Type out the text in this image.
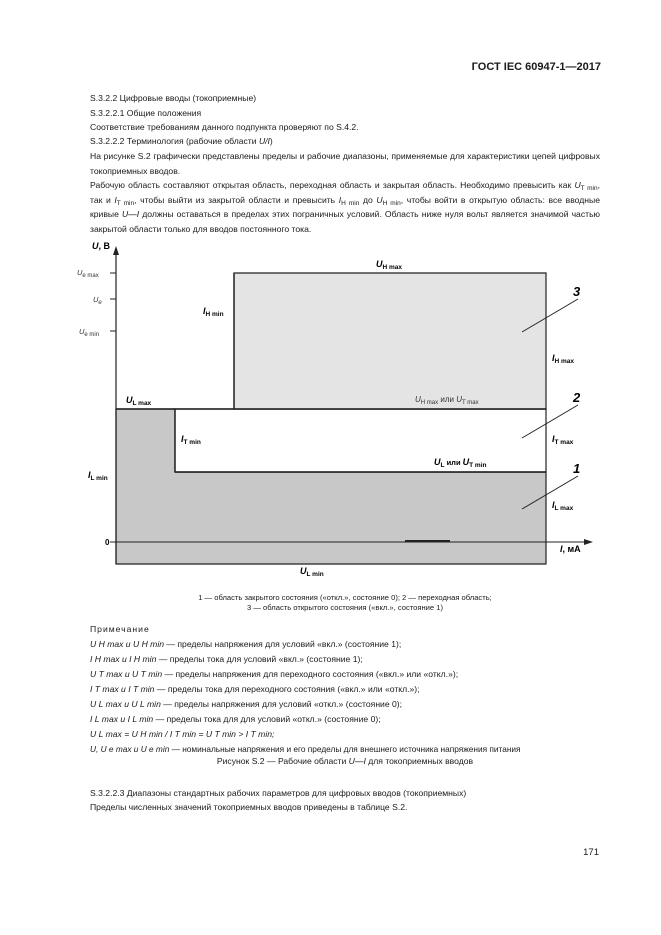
ГОСТ IEC 60947-1—2017
S.3.2.2 Цифровые вводы (токоприемные)
S.3.2.2.1 Общие положения
Соответствие требованиям данного подпункта проверяют по S.4.2.
S.3.2.2.2 Терминология (рабочие области U/I)
На рисунке S.2 графически представлены пределы и рабочие диапазоны, применяемые для характеристики цепей цифровых токоприемных вводов.
Рабочую область составляют открытая область, переходная область и закрытая область. Необходимо превысить как $U_{T min}$, так и $I_{T min}$, чтобы выйти из закрытой области и превысить $I_{H min}$ до $U_{H min}$, чтобы войти в открытую область: все вводные кривые U—I должны оставаться в пределах этих пограничных условий. Область ниже нуля вольт является значимой частью закрытой области только для вводов постоянного тока.
U, В
$U_{e max}$
$U_e$
$U_{e min}$
0
$U_{H max}$
$I_{H min}$
$I_{H max}$
$U_{L max}$	$U_{H max}$ или $U_{T max}$
$I_{T min}$	$I_{T max}$
$U_L$ $^{или}$ $U_{T min}$
$I_{L min}$
$I_{L max}$
$U_{L min}$
I, мА
3
2
1
1 — область закрытого состояния («откл.», состояние 0); 2 — переходная область;
3 — область открытого состояния («вкл.», состояние 1)
Примечание
U H max и U H min — пределы напряжения для условий «вкл.» (состояние 1);
I H max и I H min — пределы тока для условий «вкл.» (состояние 1);
U T max и U T min — пределы напряжения для переходного состояния («вкл.» или «откл.»);
I T max и I T min — пределы тока для переходного состояния («вкл.» или «откл.»);
U L max и U L min — пределы напряжения для условий «откл.» (состояние 0);
I L max и I L min — пределы тока для для условий «откл.» (состояние 0);
U L max = U H min / I T min = U T min > I T min;
U, U e max и U e min — номинальные напряжения и его пределы для внешнего источника напряжения питания
Рисунок S.2 — Рабочие области U—I для токоприемных вводов
S.3.2.2.3 Диапазоны стандартных рабочих параметров для цифровых вводов (токоприемных)
Пределы численных значений токоприемных вводов приведены в таблице S.2.
171
